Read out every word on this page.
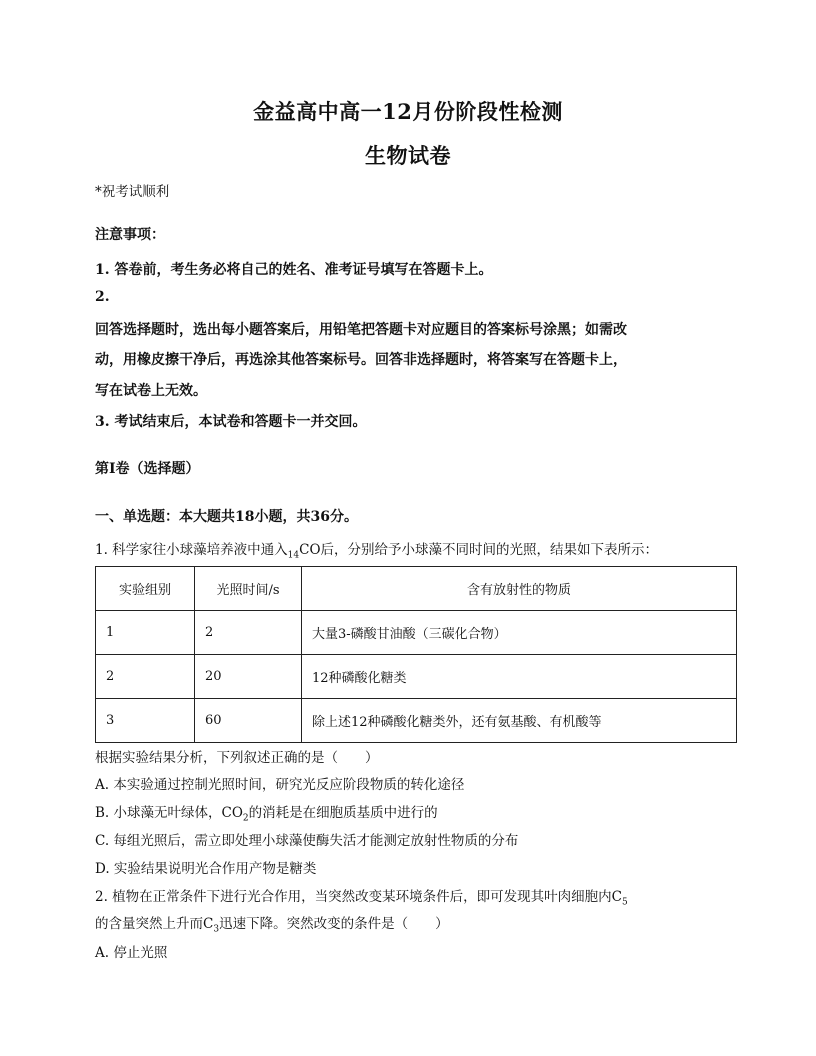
金益高中高一12月份阶段性检测
生物试卷
*祝考试顺利
注意事项：
1. 答卷前，考生务必将自己的姓名、准考证号填写在答题卡上。
2.
回答选择题时，选出每小题答案后，用铅笔把答题卡对应题目的答案标号涂黑；如需改
动，用橡皮擦干净后，再选涂其他答案标号。回答非选择题时，将答案写在答题卡上，
写在试卷上无效。
3. 考试结束后，本试卷和答题卡一并交回。
第Ⅰ卷（选择题）
一、单选题：本大题共18小题，共36分。
1. 科学家往小球藻培养液中通入$_{14}$CO后，分别给予小球藻不同时间的光照，结果如下表所示：
实验组别	光照时间/s	含有放射性的物质
1	2	大量3-磷酸甘油酸（三碳化合物）
2	20	12种磷酸化糖类
3	60	除上述12种磷酸化糖类外，还有氨基酸、有机酸等
根据实验结果分析，下列叙述正确的是（　　）
A. 本实验通过控制光照时间，研究光反应阶段物质的转化途径
B. 小球藻无叶绿体，$CO_2$的消耗是在细胞质基质中进行的
C. 每组光照后，需立即处理小球藻使酶失活才能测定放射性物质的分布
D. 实验结果说明光合作用产物是糖类
2. 植物在正常条件下进行光合作用，当突然改变某环境条件后，即可发现其叶肉细胞内$C_5$
的含量突然上升而$C_3$迅速下降。突然改变的条件是（　　）
A. 停止光照
